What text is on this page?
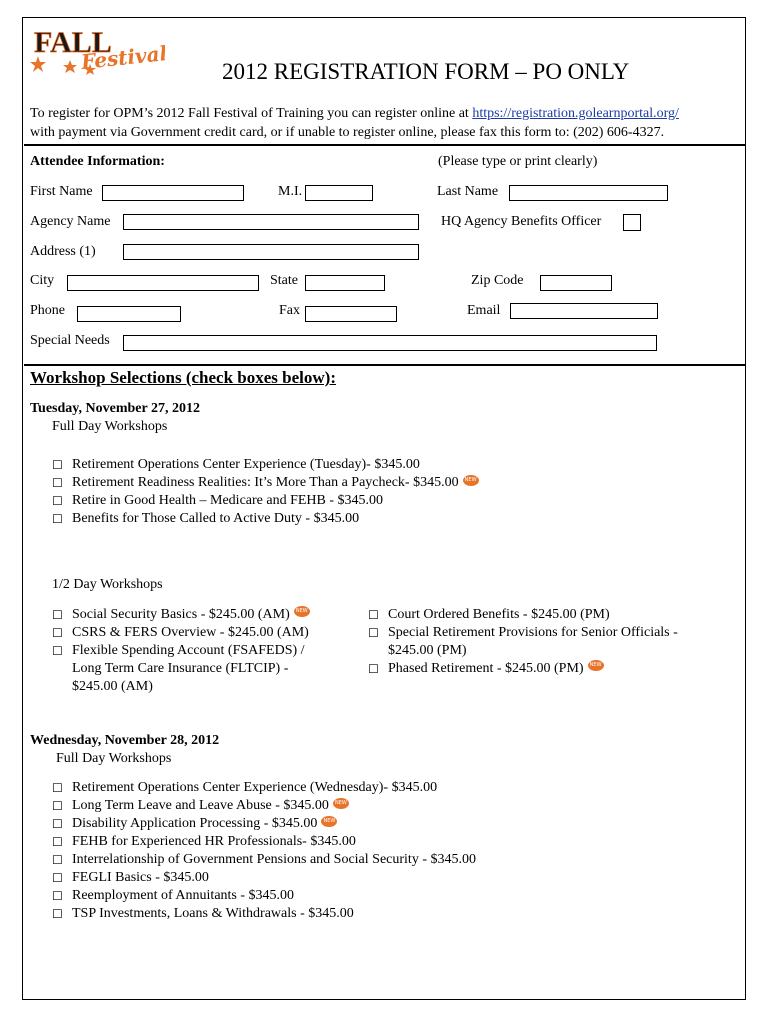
FALL
Festival 2012 REGISTRATION FORM – PO ONLY
To register for OPM’s 2012 Fall Festival of Training you can register online at https://registration.golearnportal.org/
with payment via Government credit card, or if unable to register online, please fax this form to: (202) 606-4327.
Attendee Information:	(Please type or print clearly)
First Name	M.I.	Last Name
Agency Name	HQ Agency Benefits Officer
Address (1)
City	State	Zip Code
Phone	Fax	Email
Special Needs
Workshop Selections (check boxes below):
Tuesday, November 27, 2012
Full Day Workshops
☐ Retirement Operations Center Experience (Tuesday)- $345.00
☐ Retirement Readiness Realities: It’s More Than a Paycheck- $345.00 NEW
☐ Retire in Good Health – Medicare and FEHB - $345.00
☐ Benefits for Those Called to Active Duty - $345.00
1/2 Day Workshops
☐ Social Security Basics - $245.00 (AM)	NEW
☐ CSRS & FERS Overview - $245.00 (AM)
☐ Flexible Spending Account (FSAFEDS) / Long Term Care Insurance (FLTCIP) - $245.00 (AM)
☐ Court Ordered Benefits - $245.00 (PM)
☐ Special Retirement Provisions for Senior Officials - $245.00 (PM)
☐ Phased Retirement - $245.00 (PM)	NEW
Wednesday, November 28, 2012
Full Day Workshops
☐ Retirement Operations Center Experience (Wednesday)- $345.00
☐ Long Term Leave and Leave Abuse - $345.00 NEW
☐ Disability Application Processing - $345.00 NEW
☐ FEHB for Experienced HR Professionals- $345.00
☐ Interrelationship of Government Pensions and Social Security - $345.00
☐ FEGLI Basics - $345.00
☐ Reemployment of Annuitants - $345.00
☐ TSP Investments, Loans & Withdrawals - $345.00
